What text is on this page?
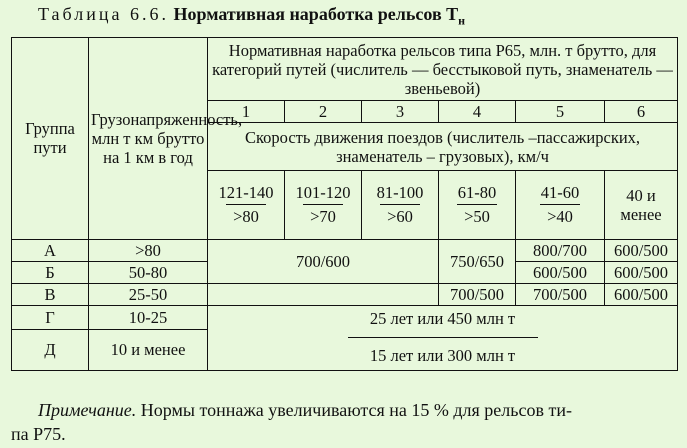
Таблица 6.6. Нормативная наработка рельсов $Т_н$
Группа пути	Грузонапряженность, млн т км брутто на 1 км в год	Нормативная наработка рельсов типа Р65, млн. т брутто, для категорий путей (числитель — бесстыковой путь, знаменатель — звеньевой)					
		1	2	3	4	5	6
		Скорость движения поездов (числитель –пассажирских, знаменатель – грузовых), км/ч					

		$\frac{121-140}{>80}$	$\frac{101-120}{>70}$	$\frac{81-100}{>60}$	$\frac{61-80}{>50}$	$\frac{41-60}{>40}$	40 и менее
А	>80	700/600			750/650	800/700	600/500
Б	50-80					600/500	600/500
В	25-50				700/500	700/500	600/500
Г	10-25	$\frac{\text{25 лет или 450 млн т}}{\text{15 лет или 300 млн т}}$

Д	10 и менее						
Примечание. Нормы тоннажа увеличиваются на 15 % для рельсов ти-
па Р75.
